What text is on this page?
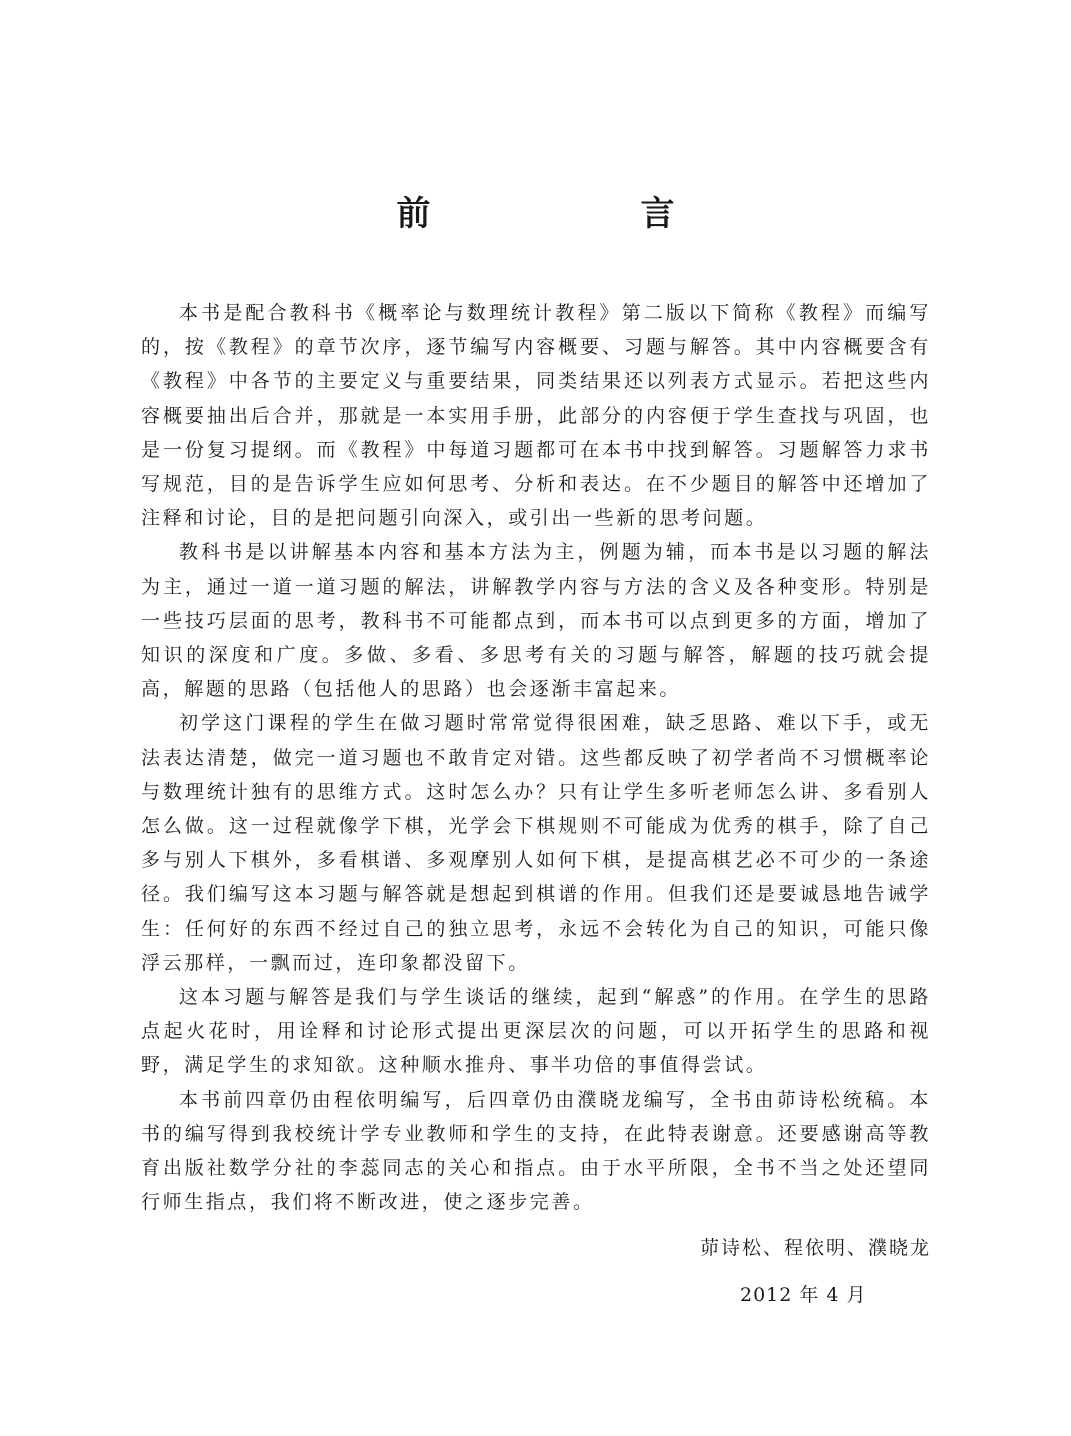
前　言

本书是配合教科书《概率论与数理统计教程》第二版以下简称《教程》而编写的，按《教程》的章节次序，逐节编写内容概要、习题与解答。其中内容概要含有《教程》中各节的主要定义与重要结果，同类结果还以列表方式显示。若把这些内容概要抽出后合并，那就是一本实用手册，此部分的内容便于学生查找与巩固，也是一份复习提纲。而《教程》中每道习题都可在本书中找到解答。习题解答力求书写规范，目的是告诉学生应如何思考、分析和表达。在不少题目的解答中还增加了注释和讨论，目的是把问题引向深入，或引出一些新的思考问题。

教科书是以讲解基本内容和基本方法为主，例题为辅，而本书是以习题的解法为主，通过一道一道习题的解法，讲解教学内容与方法的含义及各种变形。特别是一些技巧层面的思考，教科书不可能都点到，而本书可以点到更多的方面，增加了知识的深度和广度。多做、多看、多思考有关的习题与解答，解题的技巧就会提高，解题的思路（包括他人的思路）也会逐渐丰富起来。

初学这门课程的学生在做习题时常常觉得很困难，缺乏思路、难以下手，或无法表达清楚，做完一道习题也不敢肯定对错。这些都反映了初学者尚不习惯概率论与数理统计独有的思维方式。这时怎么办？只有让学生多听老师怎么讲、多看别人怎么做。这一过程就像学下棋，光学会下棋规则不可能成为优秀的棋手，除了自己多与别人下棋外，多看棋谱、多观摩别人如何下棋，是提高棋艺必不可少的一条途径。我们编写这本习题与解答就是想起到棋谱的作用。但我们还是要诚恳地告诫学生：任何好的东西不经过自己的独立思考，永远不会转化为自己的知识，可能只像浮云那样，一飘而过，连印象都没留下。

这本习题与解答是我们与学生谈话的继续，起到“解惑”的作用。在学生的思路点起火花时，用诠释和讨论形式提出更深层次的问题，可以开拓学生的思路和视野，满足学生的求知欲。这种顺水推舟、事半功倍的事值得尝试。

本书前四章仍由程依明编写，后四章仍由濮晓龙编写，全书由茆诗松统稿。本书的编写得到我校统计学专业教师和学生的支持，在此特表谢意。还要感谢高等教育出版社数学分社的李蕊同志的关心和指点。由于水平所限，全书不当之处还望同行师生指点，我们将不断改进，使之逐步完善。

茆诗松、程依明、濮晓龙
2012 年 4 月
